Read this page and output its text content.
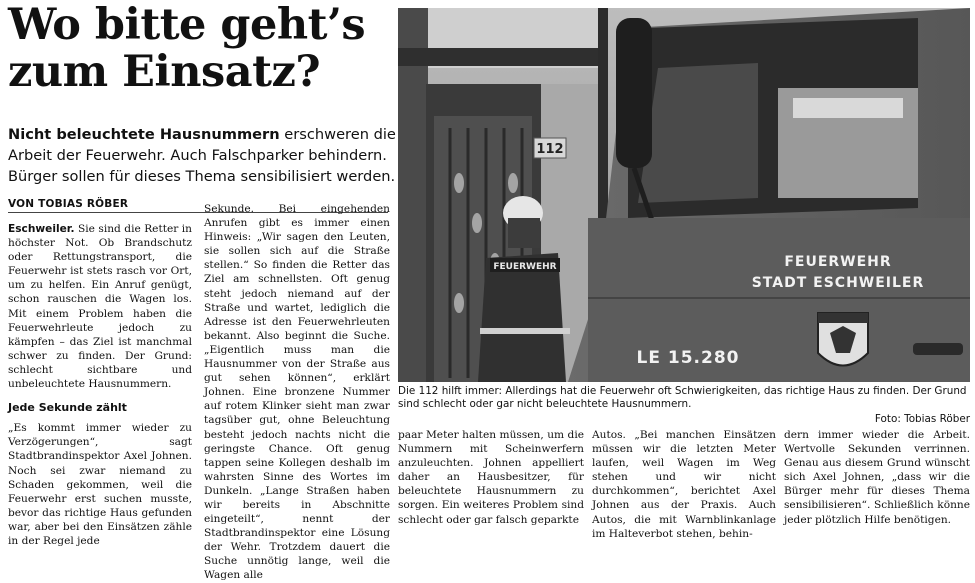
Wo bitte geht’s
zum Einsatz?

Nicht beleuchtete Hausnummern erschweren die Arbeit der Feuerwehr. Auch Falschparker behindern. Bürger sollen für dieses Thema sensibilisiert werden.

VON TOBIAS RÖBER

Eschweiler. Sie sind die Retter in höchster Not. Ob Brandschutz oder Rettungstransport, die Feuerwehr ist stets rasch vor Ort, um zu helfen. Ein Anruf genügt, schon rauschen die Wagen los. Mit einem Problem haben die Feuerwehrleute jedoch zu kämpfen – das Ziel ist manchmal schwer zu finden. Der Grund: schlecht sichtbare und unbeleuchtete Hausnummern.

Jede Sekunde zählt

„Es kommt immer wieder zu Verzögerungen“, sagt Stadtbrandinspektor Axel Johnen. Noch sei zwar niemand zu Schaden gekommen, weil die Feuerwehr erst suchen musste, bevor das richtige Haus gefunden war, aber bei den Einsätzen zähle in der Regel jede

Sekunde. Bei eingehenden Anrufen gibt es immer einen Hinweis: „Wir sagen den Leuten, sie sollen sich auf die Straße stellen.“ So finden die Retter das Ziel am schnellsten. Oft genug steht jedoch niemand auf der Straße und wartet, lediglich die Adresse ist den Feuerwehrleuten bekannt. Also beginnt die Suche. „Eigentlich muss man die Hausnummer von der Straße aus gut sehen können“, erklärt Johnen. Eine bronzene Nummer auf rotem Klinker sieht man zwar tagsüber gut, ohne Beleuchtung besteht jedoch nachts nicht die geringste Chance. Oft genug tappen seine Kollegen deshalb im wahrsten Sinne des Wortes im Dunkeln. „Lange Straßen haben wir bereits in Abschnitte eingeteilt“, nennt der Stadtbrandinspektor eine Lösung der Wehr. Trotzdem dauert die Suche unnötig lange, weil die Wagen alle

112
FEUERWEHR	FEUERWEHR
STADT ESCHWEILER
LE 15.280
Die 112 hilft immer: Allerdings hat die Feuerwehr oft Schwierigkeiten, das richtige Haus zu finden. Der Grund sind schlecht oder gar nicht beleuchtete Hausnummern.
Foto: Tobias Röber

paar Meter halten müssen, um die Nummern mit Scheinwerfern anzuleuchten. Johnen appelliert daher an Hausbesitzer, für beleuchtete Hausnummern zu sorgen. Ein weiteres Problem sind schlecht oder gar falsch geparkte

Autos. „Bei manchen Einsätzen müssen wir die letzten Meter laufen, weil Wagen im Weg stehen und wir nicht durchkommen“, berichtet Axel Johnen aus der Praxis. Auch Autos, die mit Warnblinkanlage im Halteverbot stehen, behin-

dern immer wieder die Arbeit. Wertvolle Sekunden verrinnen. Genau aus diesem Grund wünscht sich Axel Johnen, „dass wir die Bürger mehr für dieses Thema sensibilisieren“. Schließlich könne jeder plötzlich Hilfe benötigen.
